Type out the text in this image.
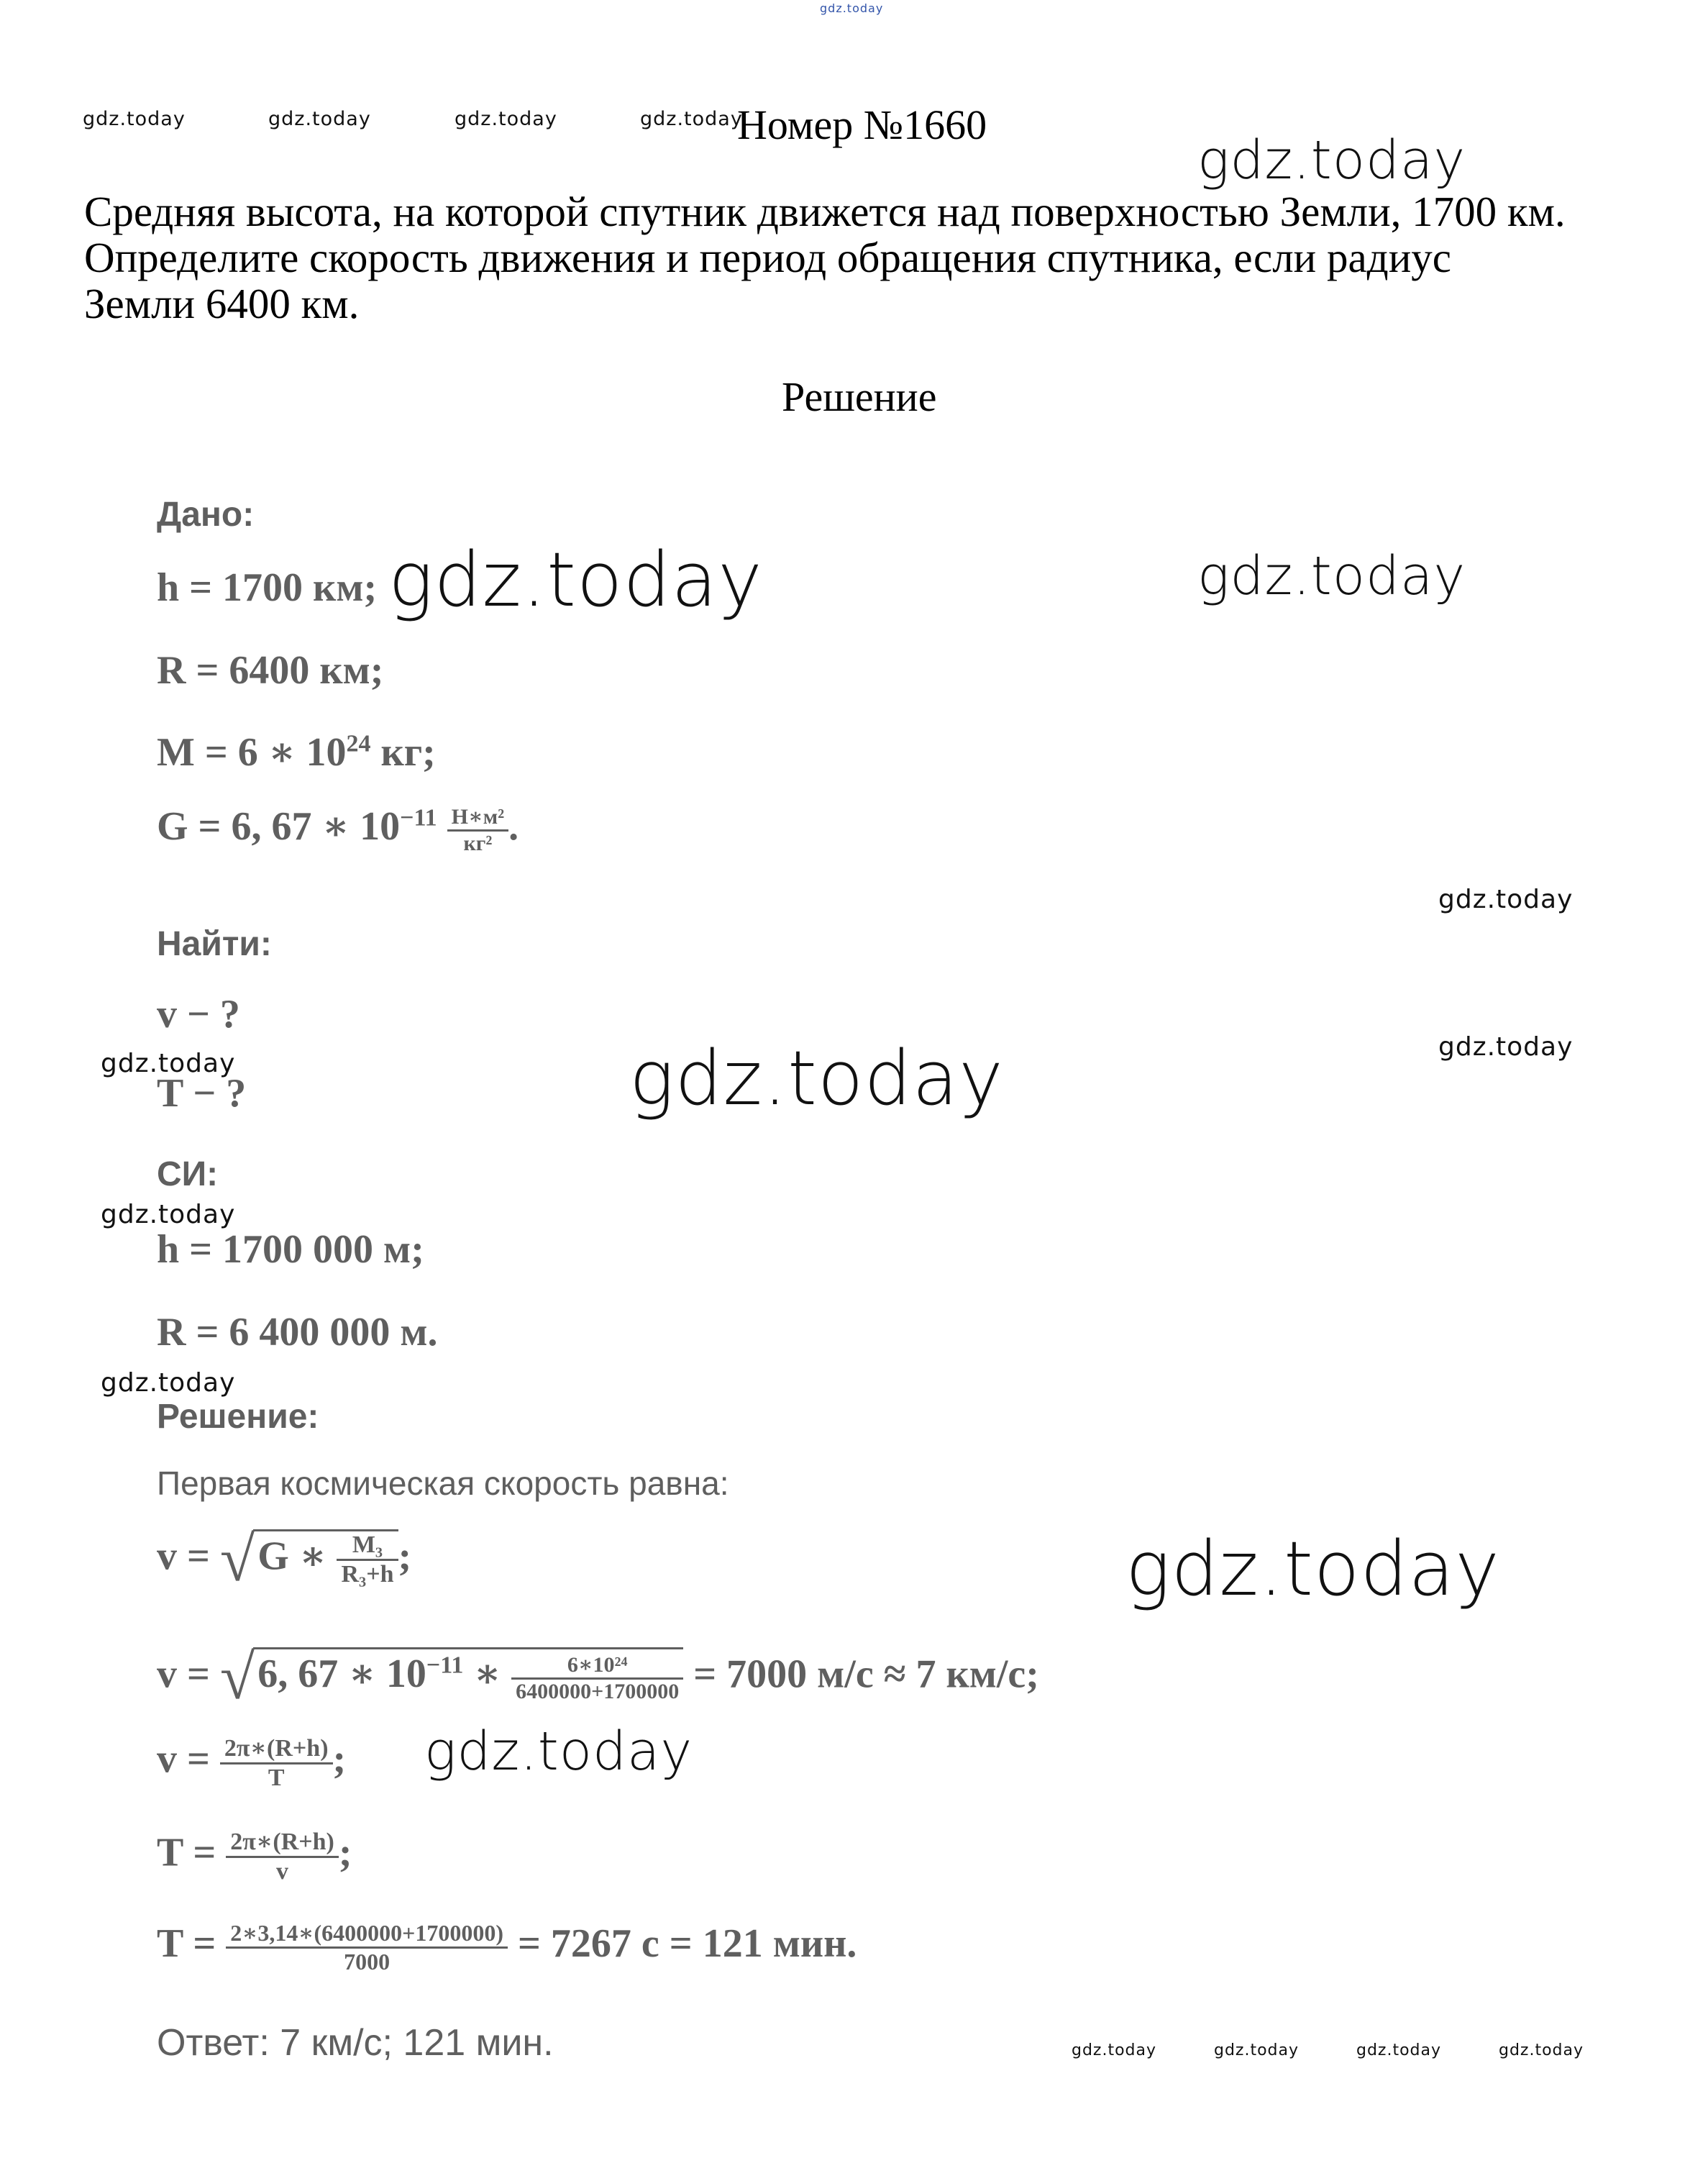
gdz.today
gdz.today	gdz.today	gdz.today	gdz.today
Номер №1660
gdz.today
Средняя высота, на которой спутник движется над поверхностью Земли, 1700 км.
Определите скорость движения и период обращения спутника, если радиус
Земли 6400 км.
Решение
Дано:
h = 1700 км; gdz.today	gdz.today
R = 6400 км;
M = 6 ∗ $10^{24}$ кг;
G = 6, 67 ∗ $10^{-11} \frac{\text{Н∗м²}}{\text{кг²}}$ .
gdz.today
Найти:
v − ?
gdz.today	gdz.today	gdz.today
T − ?
СИ:
gdz.today
h = 1700 000 м;
R = 6 400 000 м.
gdz.today
Решение:
Первая космическая скорость равна:
v = √G ∗ $\frac{\text{M₃}}{\text{R₃+h}}$ ;	gdz.today
v = √6, 67 ∗ $10^{-11}$ ∗ $\frac{\text{6∗10²⁴}}{6400000+1700000} = 7000$ м/с ≈ 7 км/с;
$v = \frac{2\pi∗(R+h)}{T}$ ; gdz.today
$T = \frac{2\pi∗(R+h)}{v}$ ;
$T = \frac{2∗3,14∗(6400000+1700000)}{7000} = 7267$ с = 121 мин.
Ответ: 7 км/с; 121 мин.	gdz.today	gdz.today	gdz.today	gdz.today
